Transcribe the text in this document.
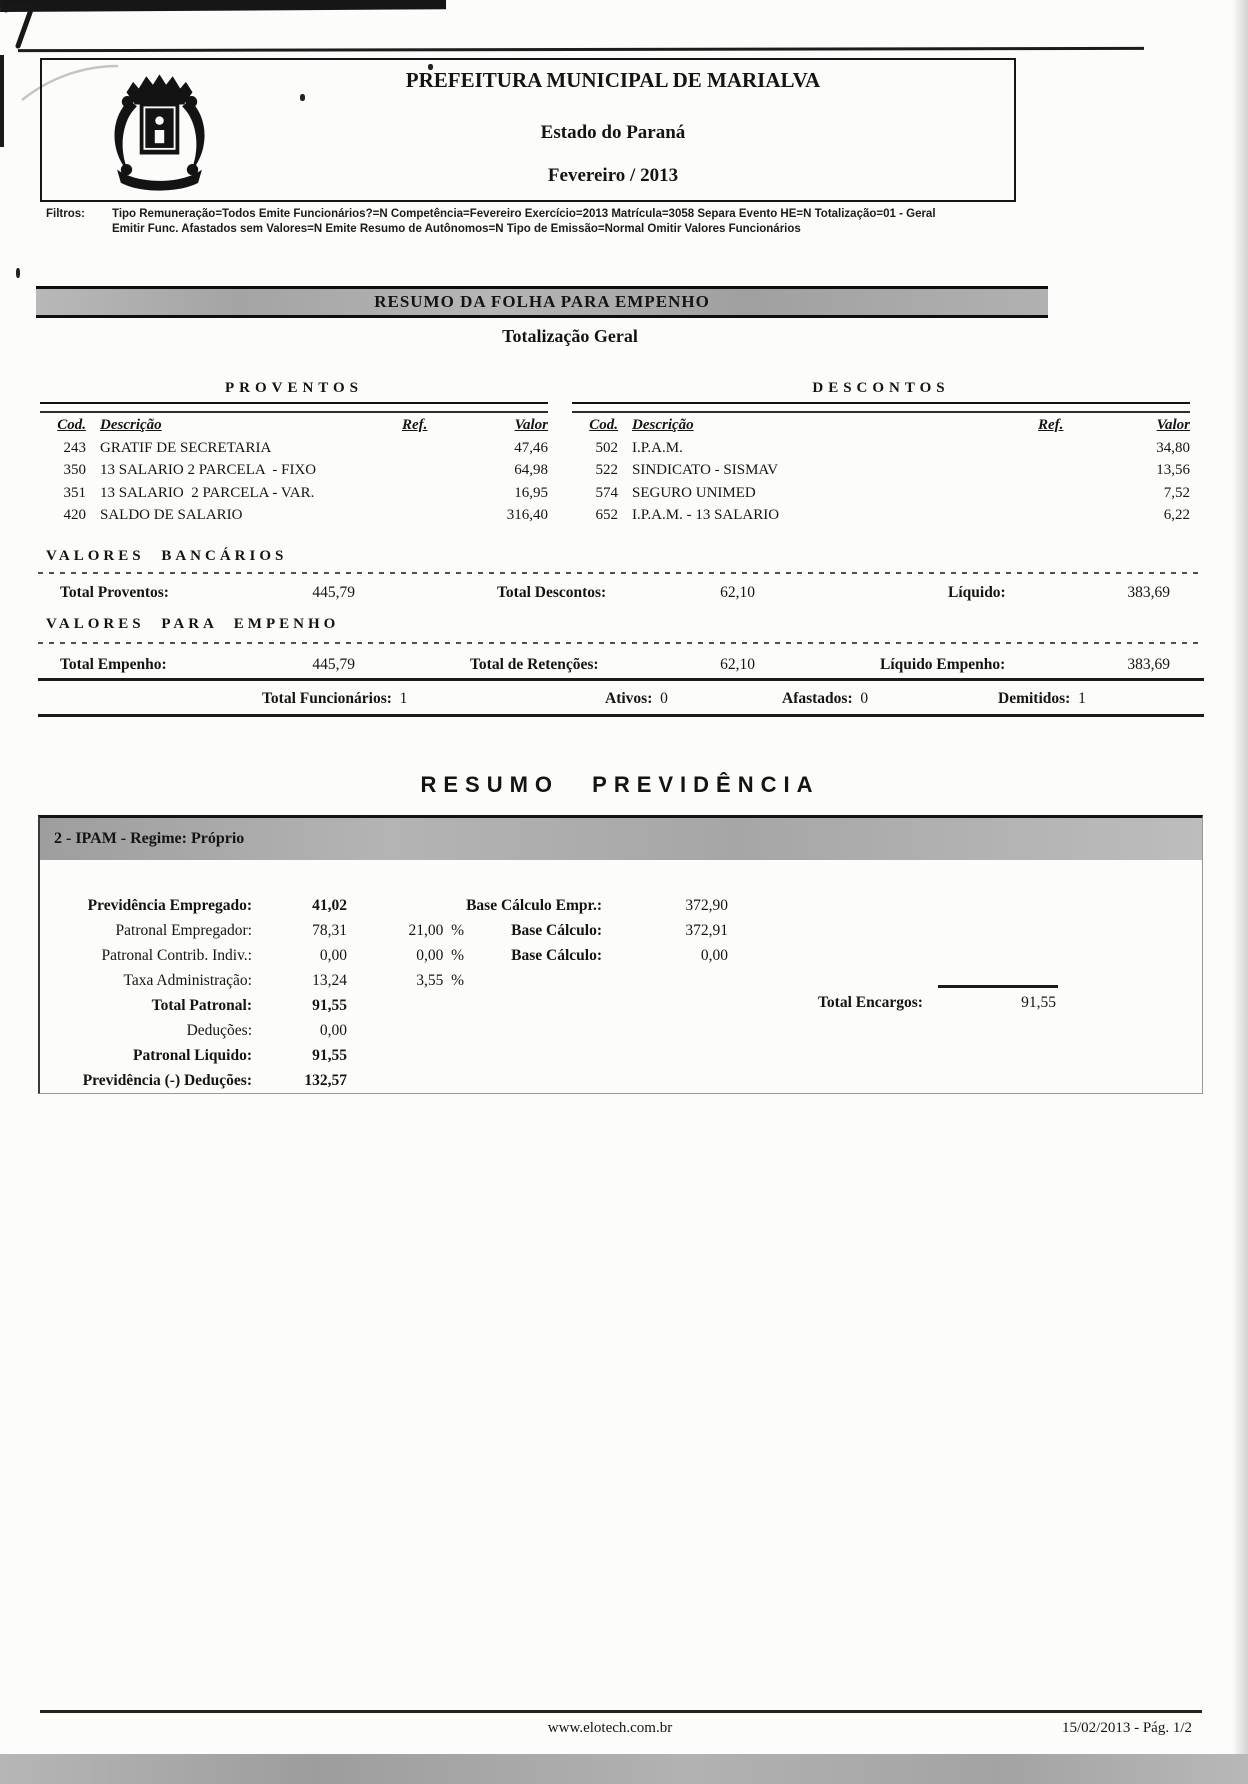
PREFEITURA MUNICIPAL DE MARIALVA
Estado do Paraná
Fevereiro / 2013
Filtros:	Tipo Remuneração=Todos Emite Funcionários?=N Competência=Fevereiro Exercício=2013 Matrícula=3058 Separa Evento HE=N Totalização=01 - Geral
Emitir Func. Afastados sem Valores=N Emite Resumo de Autônomos=N Tipo de Emissão=Normal Omitir Valores Funcionários
RESUMO DA FOLHA PARA EMPENHO
Totalização Geral
PROVENTOS
Cod. Descrição	Ref.	Valor
243 GRATIF DE SECRETARIA	47,46
350 13 SALARIO 2 PARCELA  - FIXO	64,98
351 13 SALARIO  2 PARCELA - VAR.	16,95
420 SALDO DE SALARIO	316,40
DESCONTOS
Cod. Descrição	Ref.	Valor
502 I.P.A.M.	34,80
522 SINDICATO - SISMAV	13,56
574 SEGURO UNIMED	7,52
652 I.P.A.M. - 13 SALARIO	6,22
VALORES BANCÁRIOS
Total Proventos:	445,79	Total Descontos:	62,10	Líquido:	383,69
VALORES PARA EMPENHO
Total Empenho:	445,79	Total de Retenções:	62,10	Líquido Empenho:	383,69
Total Funcionários: 1	Ativos: 0	Afastados: 0	Demitidos: 1
RESUMO PREVIDÊNCIA
2 - IPAM - Regime: Próprio
Previdência Empregado:	41,02	Base Cálculo Empr.:	372,90
Patronal Empregador:	78,31	21,00  %	Base Cálculo:	372,91
Patronal Contrib. Indiv.:	0,00	0,00  %	Base Cálculo:	0,00
Taxa Administração:	13,24	3,55  %
Total Patronal:	91,55
Deduções:	0,00
Patronal Liquido:	91,55
Previdência (-) Deduções:	132,57
Total Encargos:	91,55
www.elotech.com.br	15/02/2013 - Pág. 1/2
